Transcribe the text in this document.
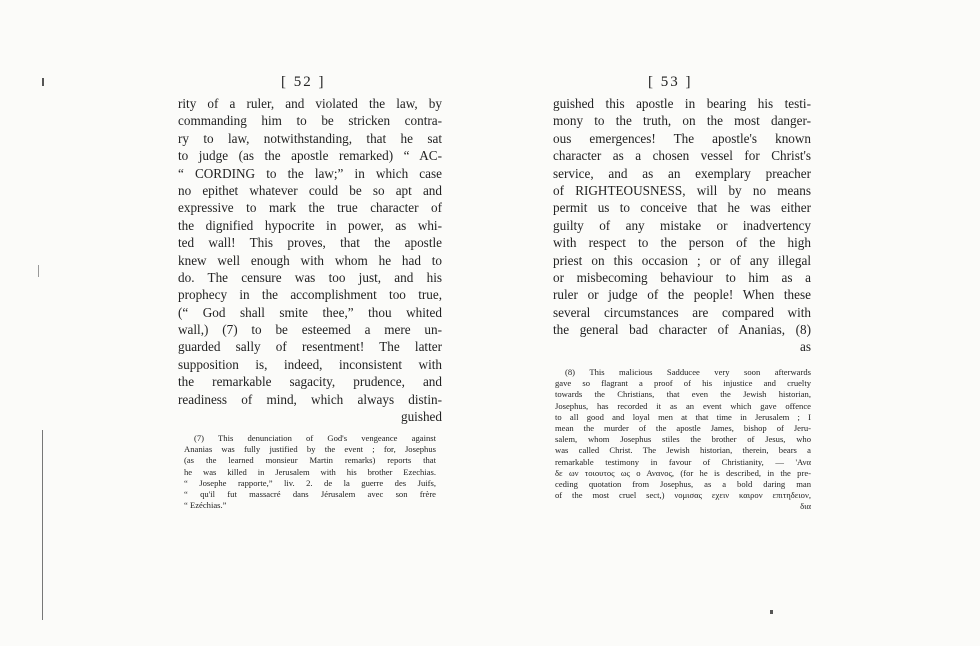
[ 52 ]
rity of a ruler, and violated the law, by
commanding him to be stricken contra-
ry to law, notwithstanding, that he sat
to judge (as the apostle remarked) “ AC-
“ CORDING to the law;” in which case
no epithet whatever could be so apt and
expressive to mark the true character of
the dignified hypocrite in power, as whi-
ted wall! This proves, that the apostle
knew well enough with whom he had to
do. The censure was too just, and his
prophecy in the accomplishment too true,
(“ God shall smite thee,” thou whited
wall,) (7) to be esteemed a mere un-
guarded sally of resentment! The latter
supposition is, indeed, inconsistent with
the remarkable sagacity, prudence, and
readiness of mind, which always distin-
guished
(7) This denunciation of God's vengeance against
Ananias was fully justified by the event ; for, Josephus
(as the learned monsieur Martin remarks) reports that
he was killed in Jerusalem with his brother Ezechias.
“ Josephe rapporte,” liv. 2. de la guerre des Juifs,
“ qu'il fut massacré dans Jérusalem avec son frère
“ Ezéchias.”
[ 53 ]
guished this apostle in bearing his testi-
mony to the truth, on the most danger-
ous emergences! The apostle's known
character as a chosen vessel for Christ's
service, and as an exemplary preacher
of RIGHTEOUSNESS, will by no means
permit us to conceive that he was either
guilty of any mistake or inadvertency
with respect to the person of the high
priest on this occasion ; or of any illegal
or misbecoming behaviour to him as a
ruler or judge of the people! When these
several circumstances are compared with
the general bad character of Ananias, (8)
as
(8) This malicious Sadducee very soon afterwards
gave so flagrant a proof of his injustice and cruelty
towards the Christians, that even the Jewish historian,
Josephus, has recorded it as an event which gave offence
to all good and loyal men at that time in Jerusalem ; I
mean the murder of the apostle James, bishop of Jeru-
salem, whom Josephus stiles the brother of Jesus, who
was called Christ. The Jewish historian, therein, bears a
remarkable testimony in favour of Christianity, — 'Ανα
δε ων τοιουτος ως ο Ανανος, (for he is described, in the pre-
ceding quotation from Josephus, as a bold daring man
of the most cruel sect,) νομισας εχειν καιρον επιτηδειον,
δια
